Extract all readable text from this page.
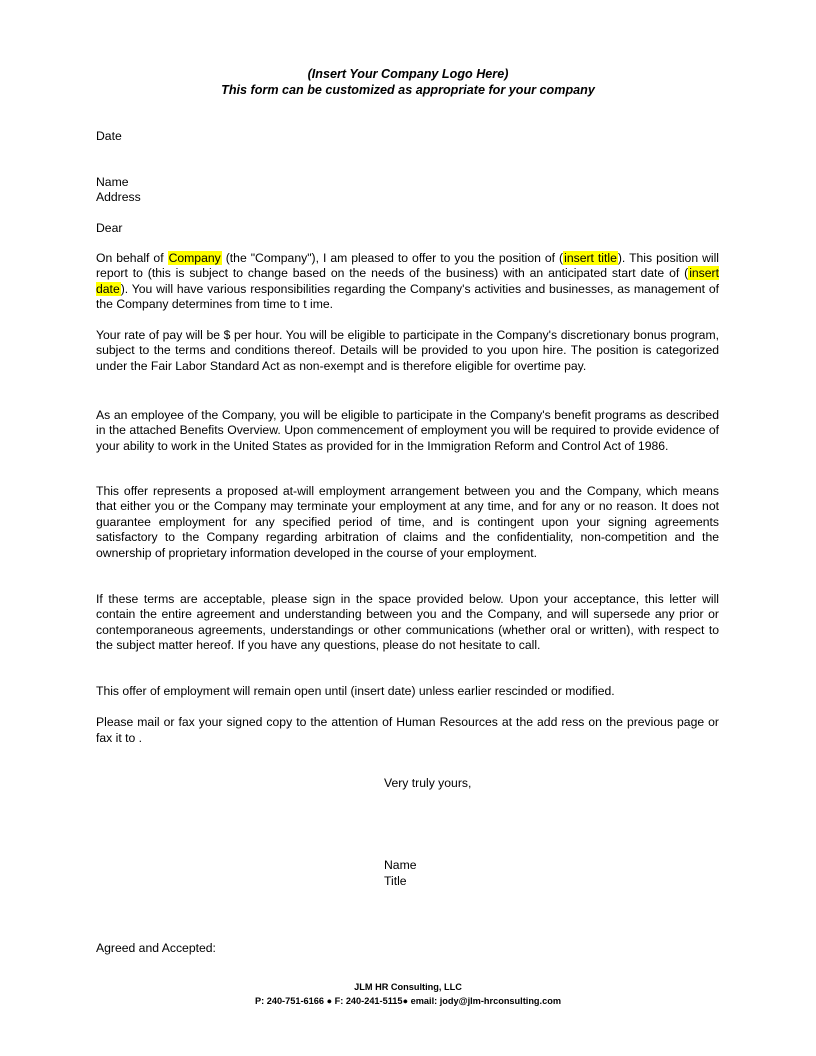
(Insert Your Company Logo Here)
This form can be customized as appropriate for your company
Date
Name
Address
Dear
On behalf of Company (the "Company"), I am pleased to offer to you the position of (insert title). This position will report to (this is subject to change based on the needs of the business) with an anticipated start date of (insert date). You will have various responsibilities regarding the Company's activities and businesses, as management of the Company determines from time to t ime.
Your rate of pay will be $ per hour. You will be eligible to participate in the Company's discretionary bonus program, subject to the terms and conditions thereof. Details will be provided to you upon hire. The position is categorized under the Fair Labor Standard Act as non-exempt and is therefore eligible for overtime pay.
As an employee of the Company, you will be eligible to participate in the Company's benefit programs as described in the attached Benefits Overview. Upon commencement of employment you will be required to provide evidence of your ability to work in the United States as provided for in the Immigration Reform and Control Act of 1986.
This offer represents a proposed at-will employment arrangement between you and the Company, which means that either you or the Company may terminate your employment at any time, and for any or no reason. It does not guarantee employment for any specified period of time, and is contingent upon your signing agreements satisfactory to the Company regarding arbitration of claims and the confidentiality, non-competition and the ownership of proprietary information developed in the course of your employment.
If these terms are acceptable, please sign in the space provided below. Upon your acceptance, this letter will contain the entire agreement and understanding between you and the Company, and will supersede any prior or contemporaneous agreements, understandings or other communications (whether oral or written), with respect to the subject matter hereof. If you have any questions, please do not hesitate to call.
This offer of employment will remain open until (insert date) unless earlier rescinded or modified.
Please mail or fax your signed copy to the attention of Human Resources at the add ress on the previous page or fax it to .
Very truly yours,
Name
Title
Agreed and Accepted:
JLM HR Consulting, LLC
P: 240-751-6166 ● F: 240-241-5115● email: jody@jlm-hrconsulting.com
